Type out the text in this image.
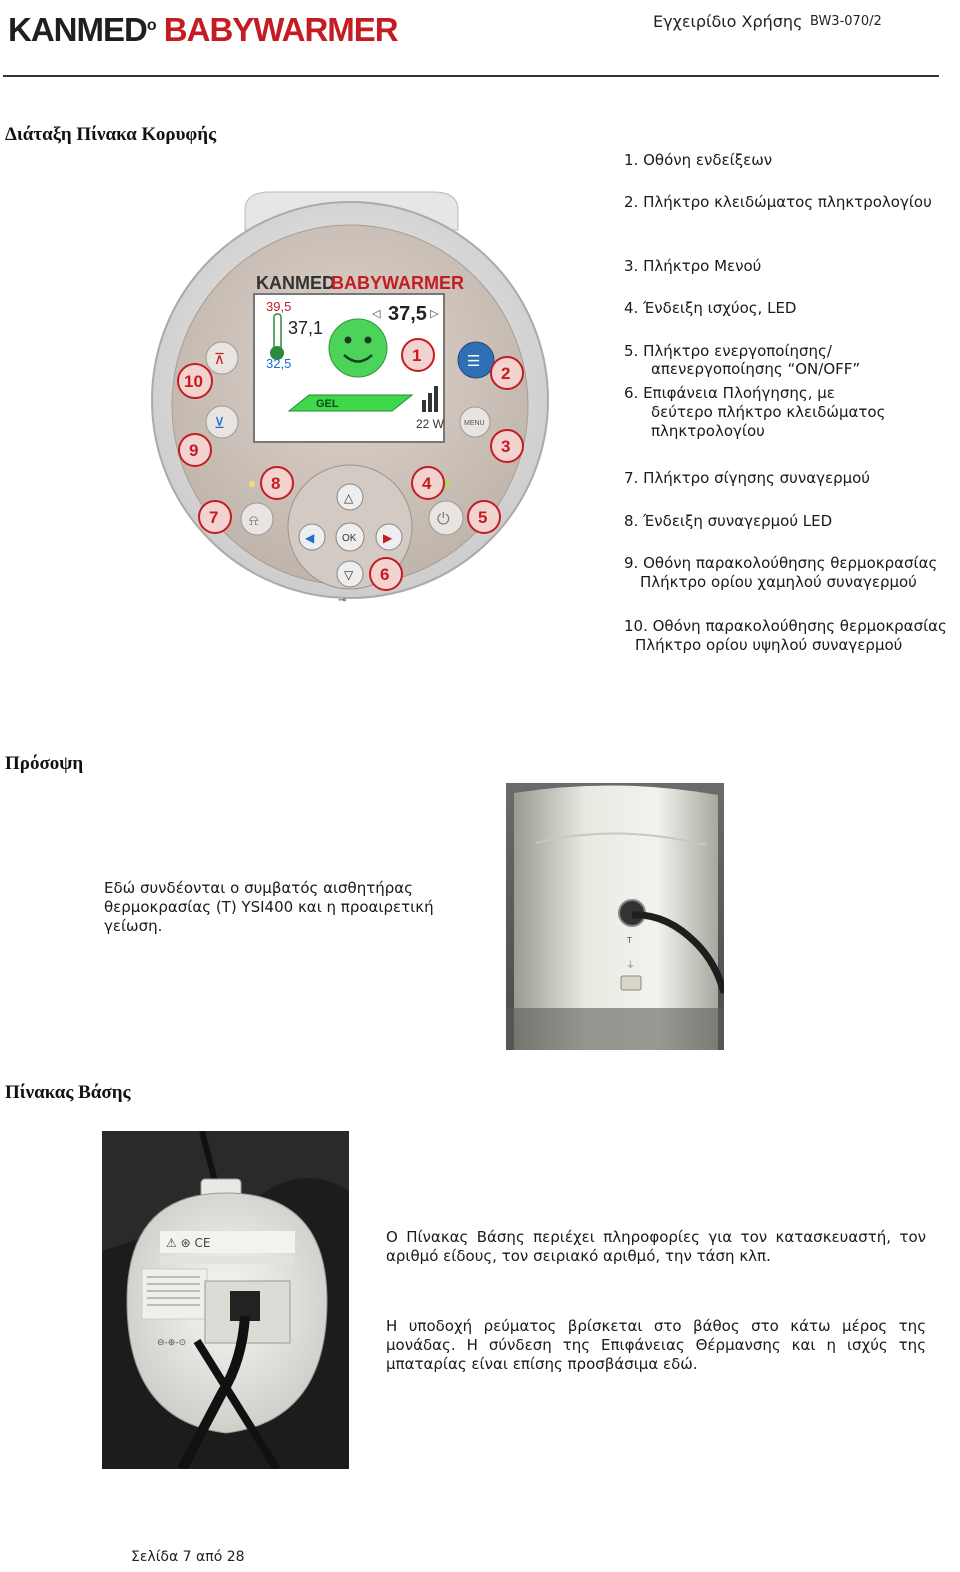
KANMED$^o$ BABYWARMER	Εγχειρίδιο Χρήσης BW3-070/2
Διάταξη Πίνακα Κορυφής
KANMED
BABYWARMER
39,5
37,1
32,5
◁ 37,5 ▷
GEL
22 W
⊼
⊻
☰
MENU
△
▽
◀	▶
OK
⊸
⍾	⏻
1
2
3
4
5
6
7
8
9
10
1. Οθόνη ενδείξεων
2. Πλήκτρο κλειδώματος πληκτρολογίου
3. Πλήκτρο Μενού
4. Ένδειξη ισχύος, LED
5. Πλήκτρο ενεργοποίησης/
απενεργοποίησης “ON/OFF”
6. Επιφάνεια Πλοήγησης, με
δεύτερο πλήκτρο κλειδώματος
πληκτρολογίου
7. Πλήκτρο σίγησης συναγερμού
8. Ένδειξη συναγερμού LED
9. Οθόνη παρακολούθησης θερμοκρασίας
Πλήκτρο ορίου χαμηλού συναγερμού
10. Οθόνη παρακολούθησης θερμοκρασίας
Πλήκτρο ορίου υψηλού συναγερμού
Πρόσοψη
Εδώ συνδέονται ο συμβατός αισθητήρας θερμοκρασίας (T) YSI400 και η προαιρετική γείωση.
T
⏚
Πίνακας Βάσης
⚠ ⊛ CE
⊖-⊕-⊙
Ο Πίνακας Βάσης περιέχει πληροφορίες για τον κατασκευαστή, τον αριθμό είδους, τον σειριακό αριθμό, την τάση κλπ.
Η υποδοχή ρεύματος βρίσκεται στο βάθος στο κάτω μέρος της μονάδας. Η σύνδεση της Επιφάνειας Θέρμανσης και η ισχύς της μπαταρίας είναι επίσης προσβάσιμα εδώ.
Σελίδα 7 από 28
